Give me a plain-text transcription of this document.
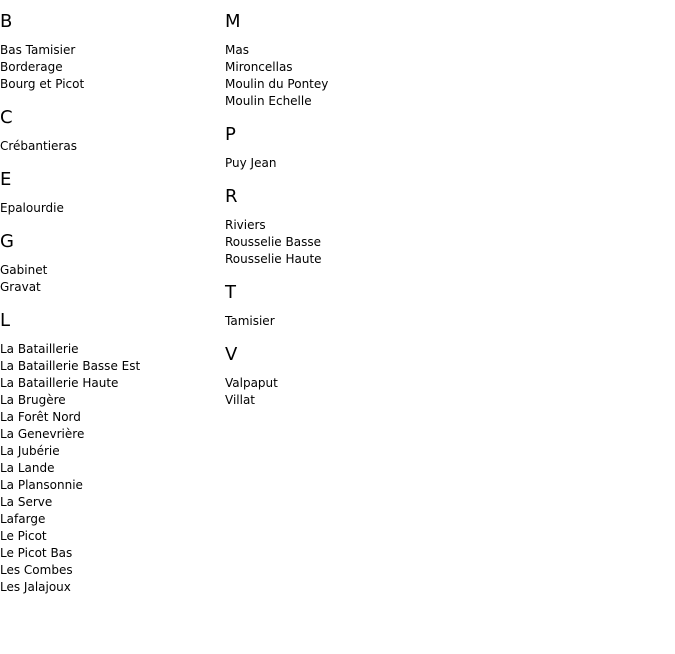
B
Bas Tamisier
Borderage
Bourg et Picot
C
Crébantieras
E
Epalourdie
G
Gabinet
Gravat
L
La Bataillerie
La Bataillerie Basse Est
La Bataillerie Haute
La Brugère
La Forêt Nord
La Genevrière
La Jubérie
La Lande
La Plansonnie
La Serve
Lafarge
Le Picot
Le Picot Bas
Les Combes
Les Jalajoux
M
Mas
Mironcellas
Moulin du Pontey
Moulin Echelle
P
Puy Jean
R
Riviers
Rousselie Basse
Rousselie Haute
T
Tamisier
V
Valpaput
Villat
